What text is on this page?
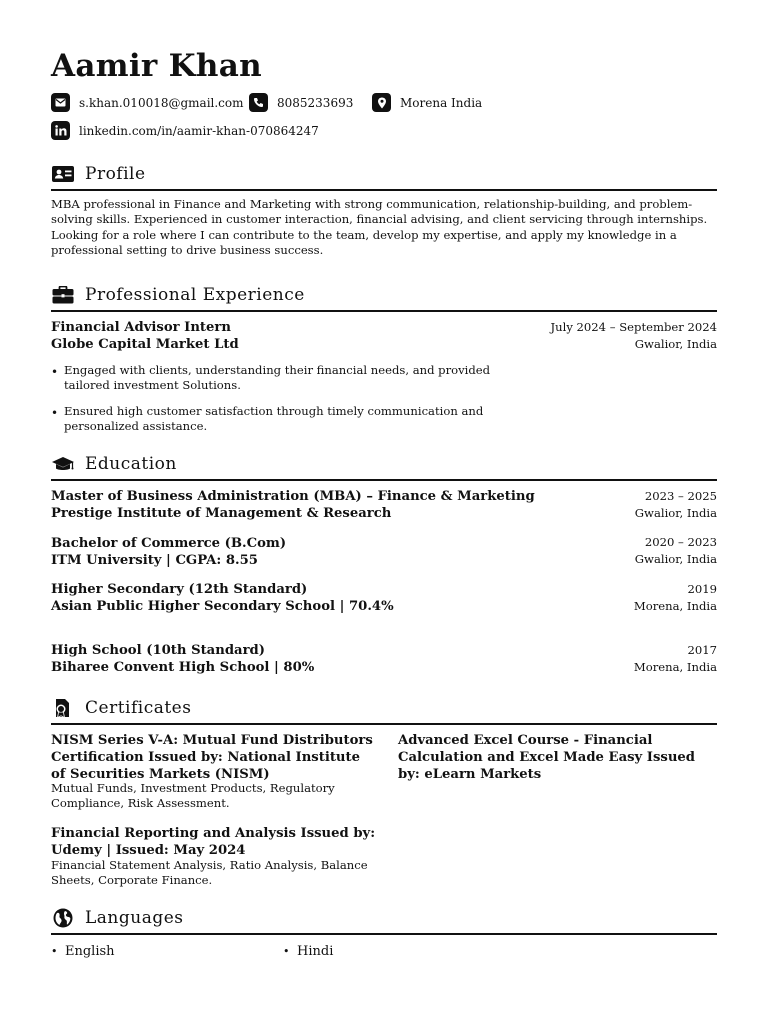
Aamir Khan
s.khan.010018@gmail.com	8085233693	Morena India
linkedin.com/in/aamir-khan-070864247
Profile
MBA professional in Finance and Marketing with strong communication, relationship-building, and problem-solving skills. Experienced in customer interaction, financial advising, and client servicing through internships. Looking for a role where I can contribute to the team, develop my expertise, and apply my knowledge in a professional setting to drive business success.
Professional Experience
Financial Advisor Intern
Globe Capital Market Ltd
July 2024 – September 2024
Gwalior, India
• Engaged with clients, understanding their financial needs, and provided tailored investment Solutions.
• Ensured high customer satisfaction through timely communication and personalized assistance.
Education
Master of Business Administration (MBA) – Finance & Marketing
Prestige Institute of Management & Research
2023 – 2025
Gwalior, India
Bachelor of Commerce (B.Com)
ITM University | CGPA: 8.55
2020 – 2023
Gwalior, India
Higher Secondary (12th Standard)
Asian Public Higher Secondary School | 70.4%
2019
Morena, India
High School (10th Standard)
Biharee Convent High School | 80%
2017
Morena, India
Certificates
NISM Series V-A: Mutual Fund Distributors Certification Issued by: National Institute of Securities Markets (NISM)
Mutual Funds, Investment Products, Regulatory Compliance, Risk Assessment.
Advanced Excel Course - Financial Calculation and Excel Made Easy Issued by: eLearn Markets
Financial Reporting and Analysis Issued by: Udemy | Issued: May 2024
Financial Statement Analysis, Ratio Analysis, Balance Sheets, Corporate Finance.
Languages
• English
•	Hindi
